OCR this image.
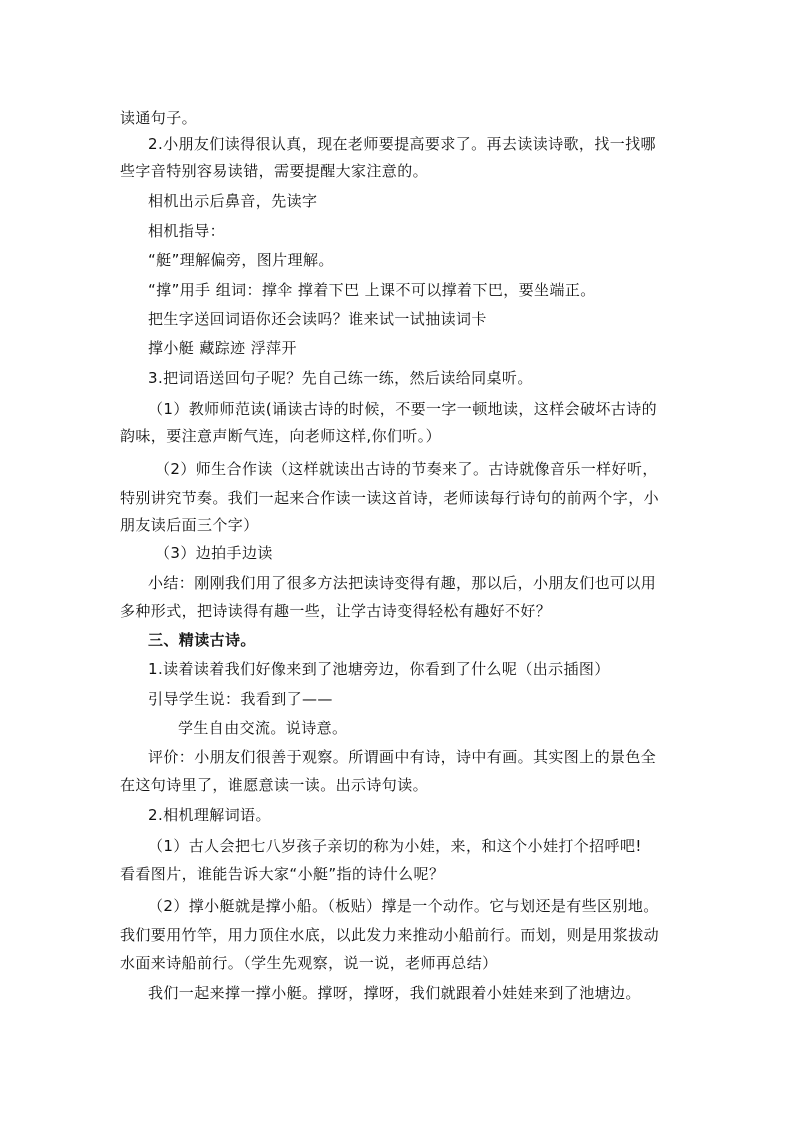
读通句子。
2.小朋友们读得很认真，现在老师要提高要求了。再去读读诗歌，找一找哪
些字音特别容易读错，需要提醒大家注意的。
相机出示后鼻音，先读字
相机指导：
“艇”理解偏旁，图片理解。
“撑”用手 组词：撑伞 撑着下巴 上课不可以撑着下巴，要坐端正。
把生字送回词语你还会读吗？谁来试一试抽读词卡
撑小艇 藏踪迹 浮萍开
3.把词语送回句子呢？先自己练一练，然后读给同桌听。
（1）教师师范读(诵读古诗的时候，不要一字一顿地读，这样会破坏古诗的
韵味，要注意声断气连，向老师这样,你们听。）
（2）师生合作读（这样就读出古诗的节奏来了。古诗就像音乐一样好听，
特别讲究节奏。我们一起来合作读一读这首诗，老师读每行诗句的前两个字，小
朋友读后面三个字）
（3）边拍手边读
小结：刚刚我们用了很多方法把读诗变得有趣，那以后，小朋友们也可以用
多种形式，把诗读得有趣一些，让学古诗变得轻松有趣好不好？
三、精读古诗。
1.读着读着我们好像来到了池塘旁边，你看到了什么呢（出示插图）
引导学生说：我看到了——
学生自由交流。说诗意。
评价：小朋友们很善于观察。所谓画中有诗，诗中有画。其实图上的景色全
在这句诗里了，谁愿意读一读。出示诗句读。
2.相机理解词语。
（1）古人会把七八岁孩子亲切的称为小娃，来，和这个小娃打个招呼吧!
看看图片，谁能告诉大家“小艇”指的诗什么呢？
（2）撑小艇就是撑小船。（板贴）撑是一个动作。它与划还是有些区别地。
我们要用竹竿，用力顶住水底，以此发力来推动小船前行。而划，则是用浆拔动
水面来诗船前行。（学生先观察，说一说，老师再总结）
我们一起来撑一撑小艇。撑呀，撑呀，我们就跟着小娃娃来到了池塘边。
